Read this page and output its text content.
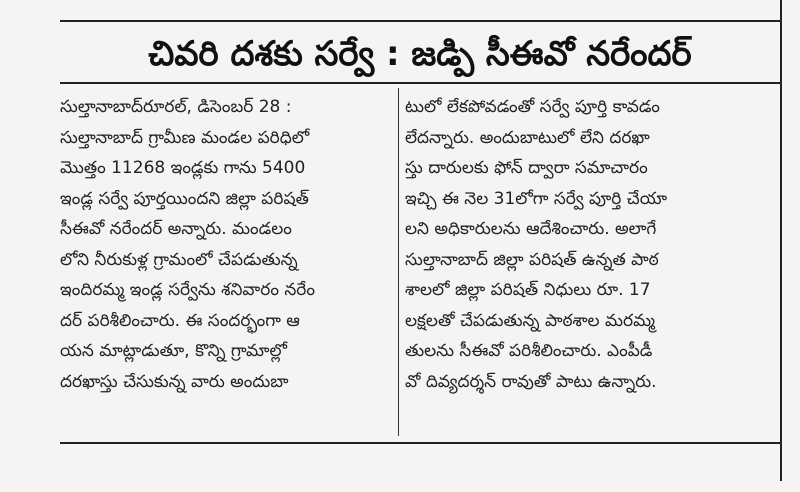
చివరి దశకు సర్వే : జడ్పి సీఈవో నరేందర్
సుల్తానాబాద్‌రూరల్, డిసెంబర్ 28 :
సుల్తానాబాద్ గ్రామీణ మండల పరిధిలో
మొత్తం 11268 ఇండ్లకు గాను 5400
ఇండ్ల సర్వే పూర్తయిందని జిల్లా పరిషత్
సీఈవో నరేందర్ అన్నారు. మండలం
లోని నీరుకుళ్ల గ్రామంలో చేపడుతున్న
ఇందిరమ్మ ఇండ్ల సర్వేను శనివారం నరేం
దర్ పరిశీలించారు. ఈ సందర్భంగా ఆ
యన మాట్లాడుతూ, కొన్ని గ్రామాల్లో
దరఖాస్తు చేసుకున్న వారు అందుబా
టులో లేకపోవడంతో సర్వే పూర్తి కావడం
లేదన్నారు. అందుబాటులో లేని దరఖా
స్తు దారులకు ఫోన్ ద్వారా సమాచారం
ఇచ్చి ఈ నెల 31లోగా సర్వే పూర్తి చేయా
లని అధికారులను ఆదేశించారు. అలాగే
సుల్తానాబాద్ జిల్లా పరిషత్ ఉన్నత పాఠ
శాలలో జిల్లా పరిషత్ నిధులు రూ. 17
లక్షలతో చేపడుతున్న పాఠశాల మరమ్మ
తులను సీఈవో పరిశీలించారు. ఎంపీడీ
వో దివ్యదర్శన్ రావుతో పాటు ఉన్నారు.
